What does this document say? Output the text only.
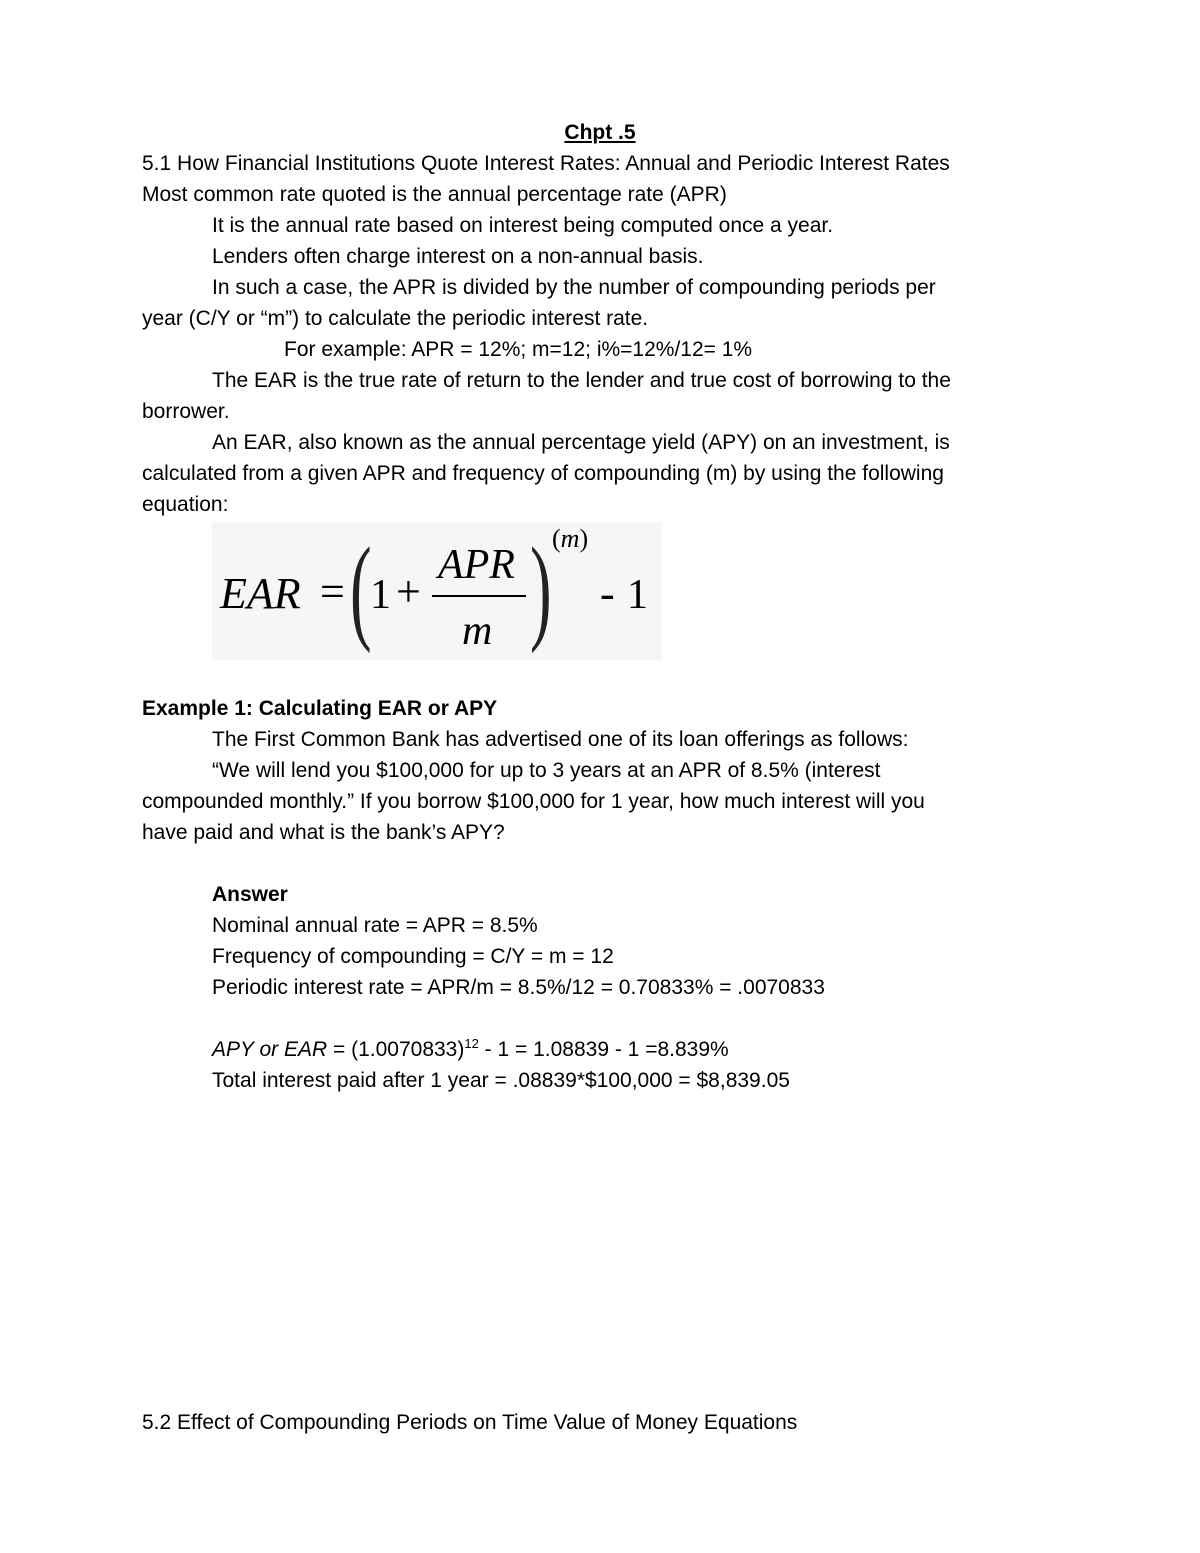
Chpt .5
5.1 How Financial Institutions Quote Interest Rates: Annual and Periodic Interest Rates
Most common rate quoted is the annual percentage rate (APR)
It is the annual rate based on interest being computed once a year.
Lenders often charge interest on a non-annual basis.
In such a case, the APR is divided by the number of compounding periods per
year (C/Y or “m”) to calculate the periodic interest rate.
For example: APR = 12%; m=12; i%=12%/12= 1%
The EAR is the true rate of return to the lender and true cost of borrowing to the
borrower.
An EAR, also known as the annual percentage yield (APY) on an investment, is
calculated from a given APR and frequency of compounding (m) by using the following
equation:
EAR = (
1 +
APR
m ) (m)
- 1
Example 1: Calculating EAR or APY
The First Common Bank has advertised one of its loan offerings as follows:
“We will lend you $100,000 for up to 3 years at an APR of 8.5% (interest
compounded monthly.” If you borrow $100,000 for 1 year, how much interest will you
have paid and what is the bank’s APY?
Answer
Nominal annual rate = APR = 8.5%
Frequency of compounding = C/Y = m = 12
Periodic interest rate = APR/m = 8.5%/12 = 0.70833% = .0070833
APY or EAR = $(1.0070833)^{12} - 1 = 1.08839 - 1 =8.839\%$
Total interest paid after 1 year = .08839*$100,000 = $8,839.05
5.2 Effect of Compounding Periods on Time Value of Money Equations
